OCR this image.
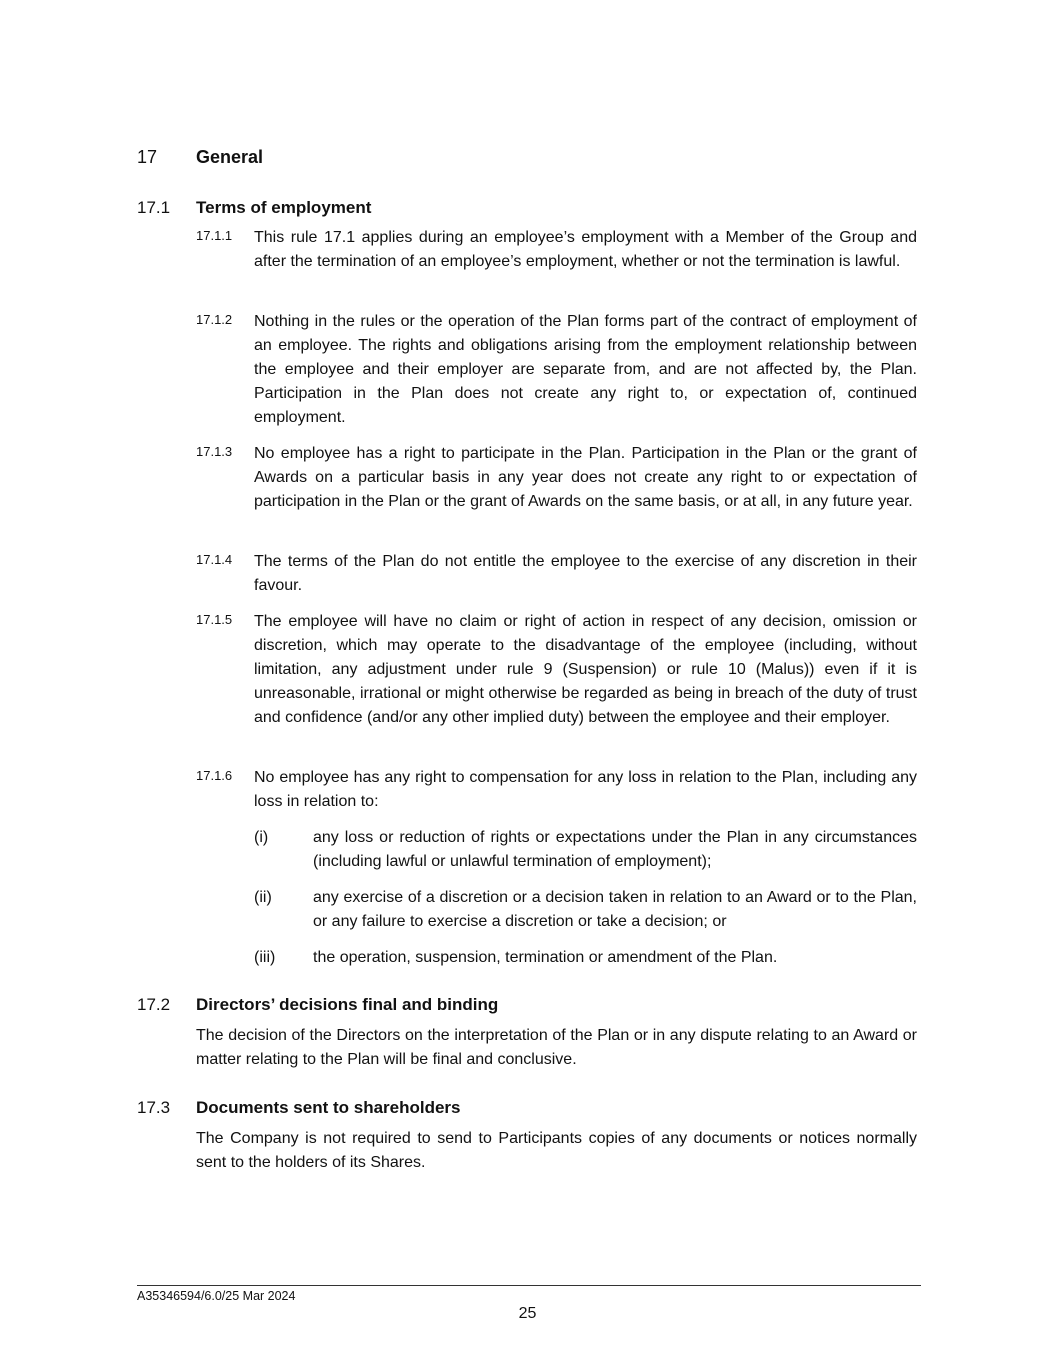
17 General
17.1 Terms of employment
17.1.1 This rule 17.1 applies during an employee’s employment with a Member of the Group and after the termination of an employee’s employment, whether or not the termination is lawful.
17.1.2 Nothing in the rules or the operation of the Plan forms part of the contract of employment of an employee. The rights and obligations arising from the employment relationship between the employee and their employer are separate from, and are not affected by, the Plan. Participation in the Plan does not create any right to, or expectation of, continued employment.
17.1.3 No employee has a right to participate in the Plan. Participation in the Plan or the grant of Awards on a particular basis in any year does not create any right to or expectation of participation in the Plan or the grant of Awards on the same basis, or at all, in any future year.
17.1.4 The terms of the Plan do not entitle the employee to the exercise of any discretion in their favour.
17.1.5 The employee will have no claim or right of action in respect of any decision, omission or discretion, which may operate to the disadvantage of the employee (including, without limitation, any adjustment under rule 9 (Suspension) or rule 10 (Malus)) even if it is unreasonable, irrational or might otherwise be regarded as being in breach of the duty of trust and confidence (and/or any other implied duty) between the employee and their employer.
17.1.6 No employee has any right to compensation for any loss in relation to the Plan, including any loss in relation to:
(i)	any loss or reduction of rights or expectations under the Plan in any circumstances (including lawful or unlawful termination of employment);
(ii)	any exercise of a discretion or a decision taken in relation to an Award or to the Plan, or any failure to exercise a discretion or take a decision; or
(iii) the operation, suspension, termination or amendment of the Plan.
17.2 Directors’ decisions final and binding
The decision of the Directors on the interpretation of the Plan or in any dispute relating to an Award or matter relating to the Plan will be final and conclusive.
17.3 Documents sent to shareholders
The Company is not required to send to Participants copies of any documents or notices normally sent to the holders of its Shares.
A35346594/6.0/25 Mar 2024
25
